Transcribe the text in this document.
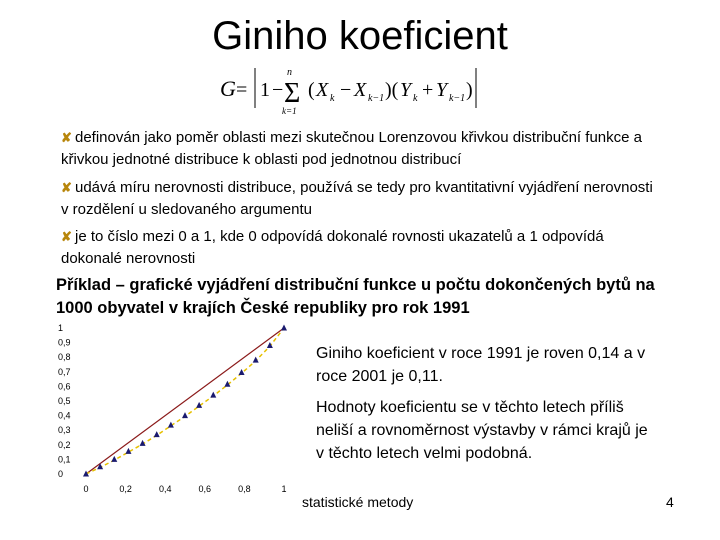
Giniho koeficient
G = 1 −
n
Σ
k=1
( X k − X k−1 )( Y k + Y k−1 )
✘ definován jako poměr oblasti mezi skutečnou Lorenzovou křivkou distribuční funkce a křivkou jednotné distribuce k oblasti pod jednotnou distribucí
✘ udává míru nerovnosti distribuce, používá se tedy pro kvantitativní vyjádření nerovnosti v rozdělení u sledovaného argumentu
✘ je to číslo mezi 0 a 1, kde 0 odpovídá dokonalé rovnosti ukazatelů a 1 odpovídá dokonalé nerovnosti
Příklad – grafické vyjádření distribuční funkce u počtu dokončených bytů na 1000 obyvatel v krajích České republiky pro rok 1991
0
0,1
0,2
0,3
0,4
0,5
0,6
0,7
0,8
0,9
1
0	0,2	0,4	0,6	0,8	1
Giniho koeficient v roce 1991 je roven 0,14 a v roce 2001 je 0,11.
Hodnoty koeficientu se v těchto letech příliš neliší a rovnoměrnost výstavby v rámci krajů je v těchto letech velmi podobná.
statistické metody	4
